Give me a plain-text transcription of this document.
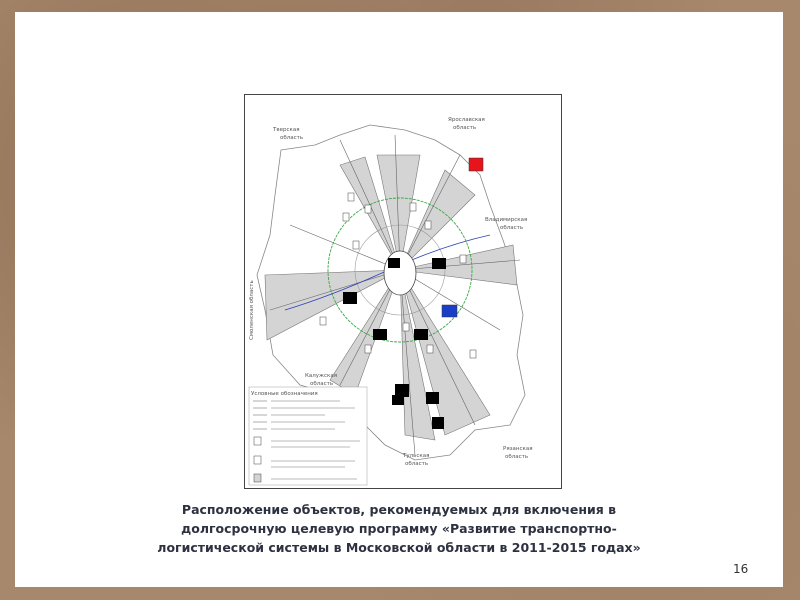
Тверская
область
Ярославская
область
Владимирская
область
Смоленская область
Калужская
область
Тульская
область
Рязанская
область
Условные обозначения
Расположение объектов, рекомендуемых для включения в долгосрочную целевую программу «Развитие транспортно-логистической системы в Московской области в 2011-2015 годах»
16
